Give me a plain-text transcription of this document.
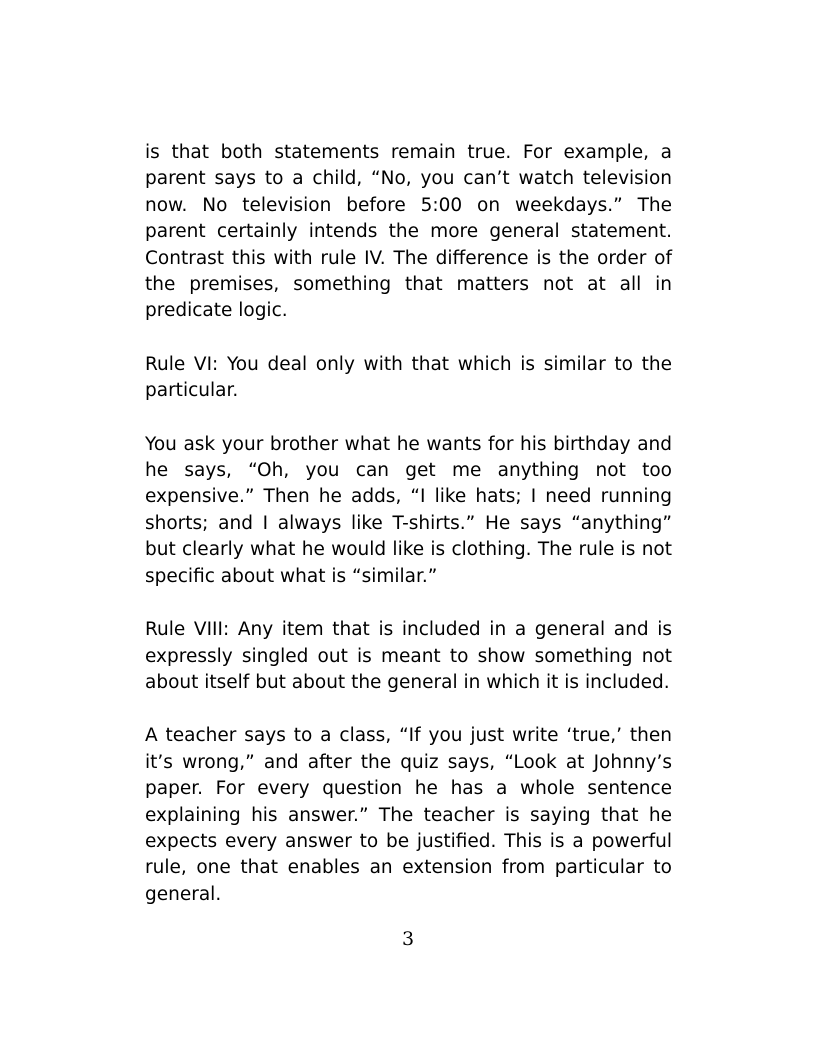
is that both statements remain true. For example, a parent says to a child, “No, you can’t watch television now. No television before 5:00 on weekdays.” The parent certainly intends the more general statement. Contrast this with rule IV. The difference is the order of the premises, something that matters not at all in predicate logic.

Rule VI: You deal only with that which is similar to the particular.

You ask your brother what he wants for his birthday and he says, “Oh, you can get me anything not too expensive.” Then he adds, “I like hats; I need running shorts; and I always like T-shirts.” He says “anything” but clearly what he would like is clothing. The rule is not specific about what is “similar.”

Rule VIII: Any item that is included in a general and is expressly singled out is meant to show something not about itself but about the general in which it is included.

A teacher says to a class, “If you just write ‘true,’ then it’s wrong,” and after the quiz says, “Look at Johnny’s paper. For every question he has a whole sentence explaining his answer.” The teacher is saying that he expects every answer to be justified. This is a powerful rule, one that enables an extension from particular to general.

3
